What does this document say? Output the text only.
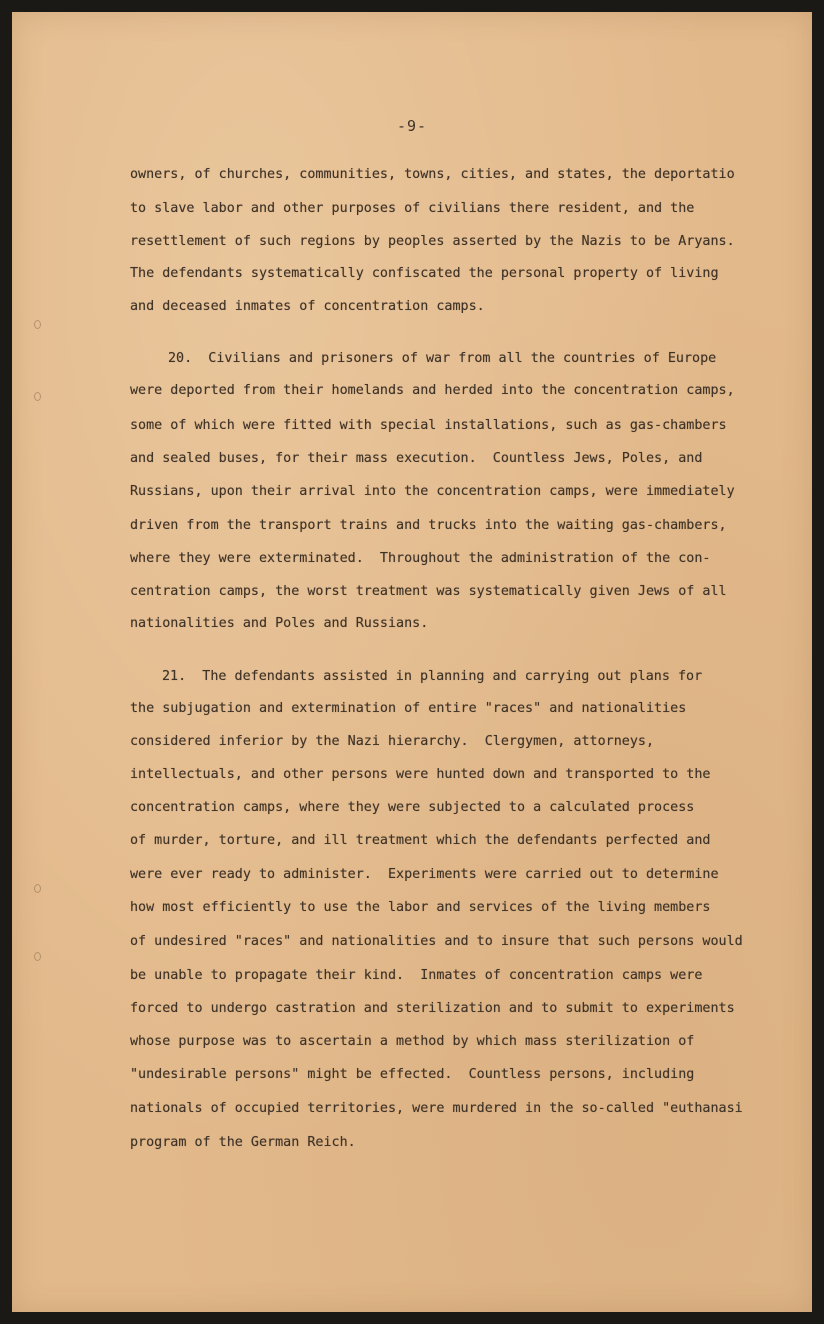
-9-
owners, of churches, communities, towns, cities, and states, the deportatio
to slave labor and other purposes of civilians there resident, and the
resettlement of such regions by peoples asserted by the Nazis to be Aryans.
The defendants systematically confiscated the personal property of living
and deceased inmates of concentration camps.
20.  Civilians and prisoners of war from all the countries of Europe
were deported from their homelands and herded into the concentration camps,
some of which were fitted with special installations, such as gas-chambers
and sealed buses, for their mass execution.  Countless Jews, Poles, and
Russians, upon their arrival into the concentration camps, were immediately
driven from the transport trains and trucks into the waiting gas-chambers,
where they were exterminated.  Throughout the administration of the con-
centration camps, the worst treatment was systematically given Jews of all
nationalities and Poles and Russians.
21.  The defendants assisted in planning and carrying out plans for
the subjugation and extermination of entire "races" and nationalities
considered inferior by the Nazi hierarchy.  Clergymen, attorneys,
intellectuals, and other persons were hunted down and transported to the
concentration camps, where they were subjected to a calculated process
of murder, torture, and ill treatment which the defendants perfected and
were ever ready to administer.  Experiments were carried out to determine
how most efficiently to use the labor and services of the living members
of undesired "races" and nationalities and to insure that such persons would
be unable to propagate their kind.  Inmates of concentration camps were
forced to undergo castration and sterilization and to submit to experiments
whose purpose was to ascertain a method by which mass sterilization of
"undesirable persons" might be effected.  Countless persons, including
nationals of occupied territories, were murdered in the so-called "euthanasi
program of the German Reich.
